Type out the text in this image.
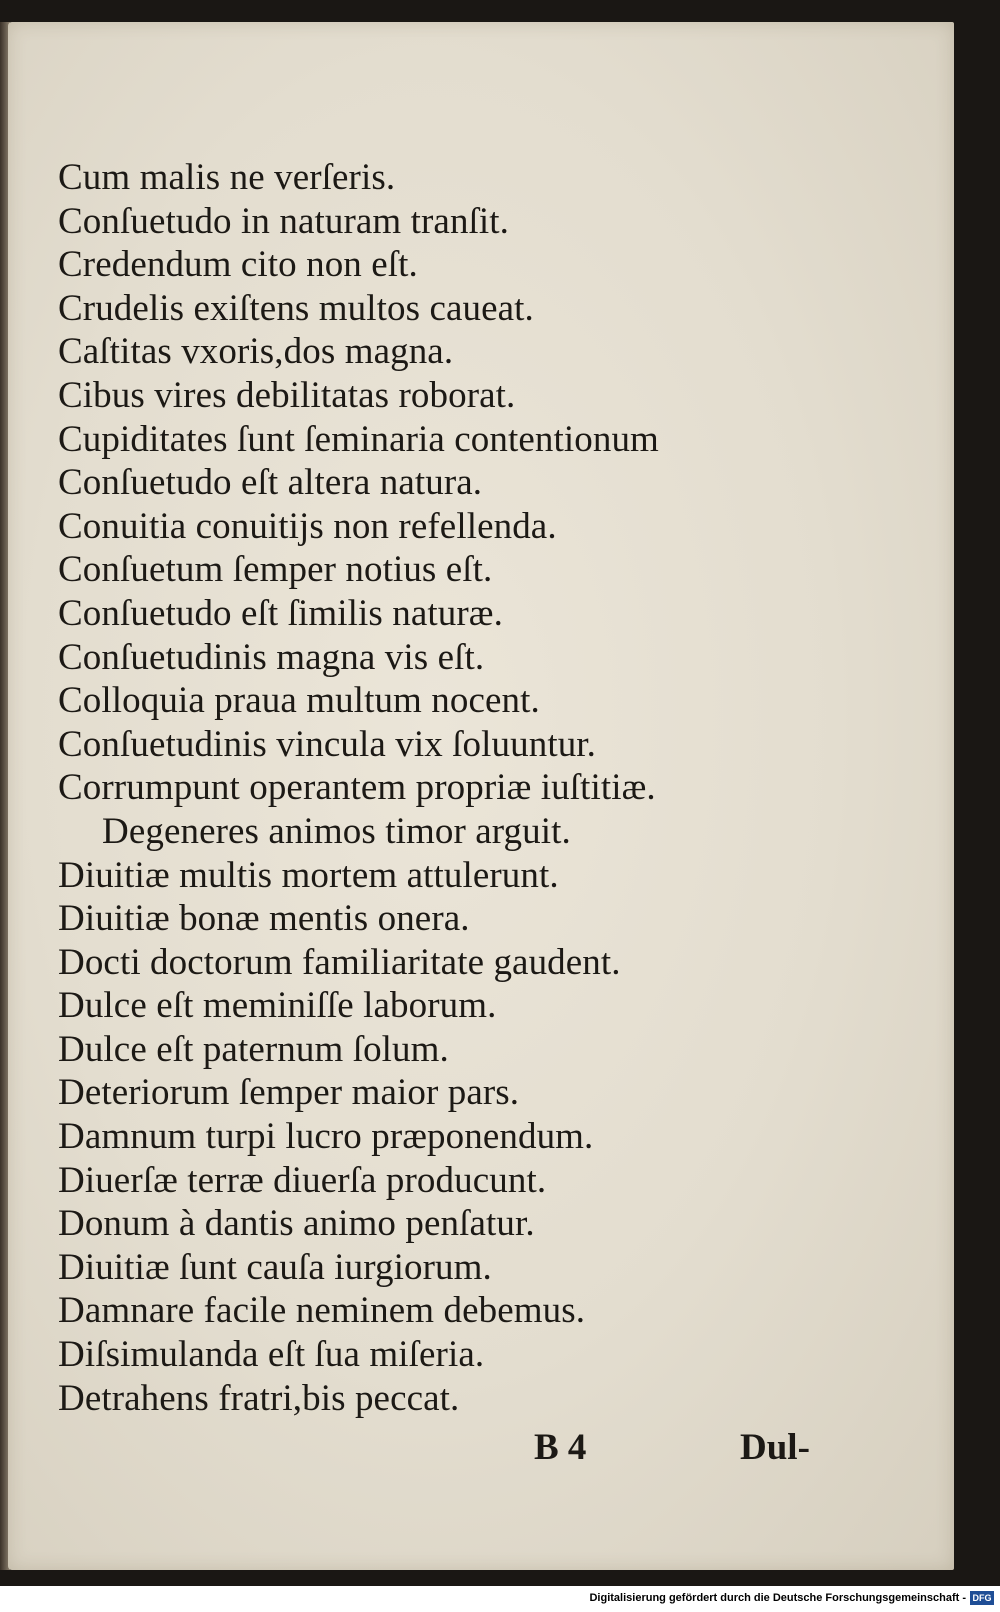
Cum malis ne verſeris.
Conſuetudo in naturam tranſit.
Credendum cito non eſt.
Crudelis exiſtens multos caueat.
Caſtitas vxoris,dos magna.
Cibus vires debilitatas roborat.
Cupiditates ſunt ſeminaria contentionum
Conſuetudo eſt altera natura.
Conuitia conuitijs non refellenda.
Conſuetum ſemper notius eſt.
Conſuetudo eſt ſimilis naturæ.
Conſuetudinis magna vis eſt.
Colloquia praua multum nocent.
Conſuetudinis vincula vix ſoluuntur.
Corrumpunt operantem propriæ iuſtitiæ.
Degeneres animos timor arguit.
Diuitiæ multis mortem attulerunt.
Diuitiæ bonæ mentis onera.
Docti doctorum familiaritate gaudent.
Dulce eſt meminiſſe laborum.
Dulce eſt paternum ſolum.
Deteriorum ſemper maior pars.
Damnum turpi lucro præponendum.
Diuerſæ terræ diuerſa producunt.
Donum à dantis animo penſatur.
Diuitiæ ſunt cauſa iurgiorum.
Damnare facile neminem debemus.
Diſsimulanda eſt ſua miſeria.
Detrahens fratri,bis peccat.
B 4	Dul-
Digitalisierung gefördert durch die Deutsche Forschungsgemeinschaft - DFG
